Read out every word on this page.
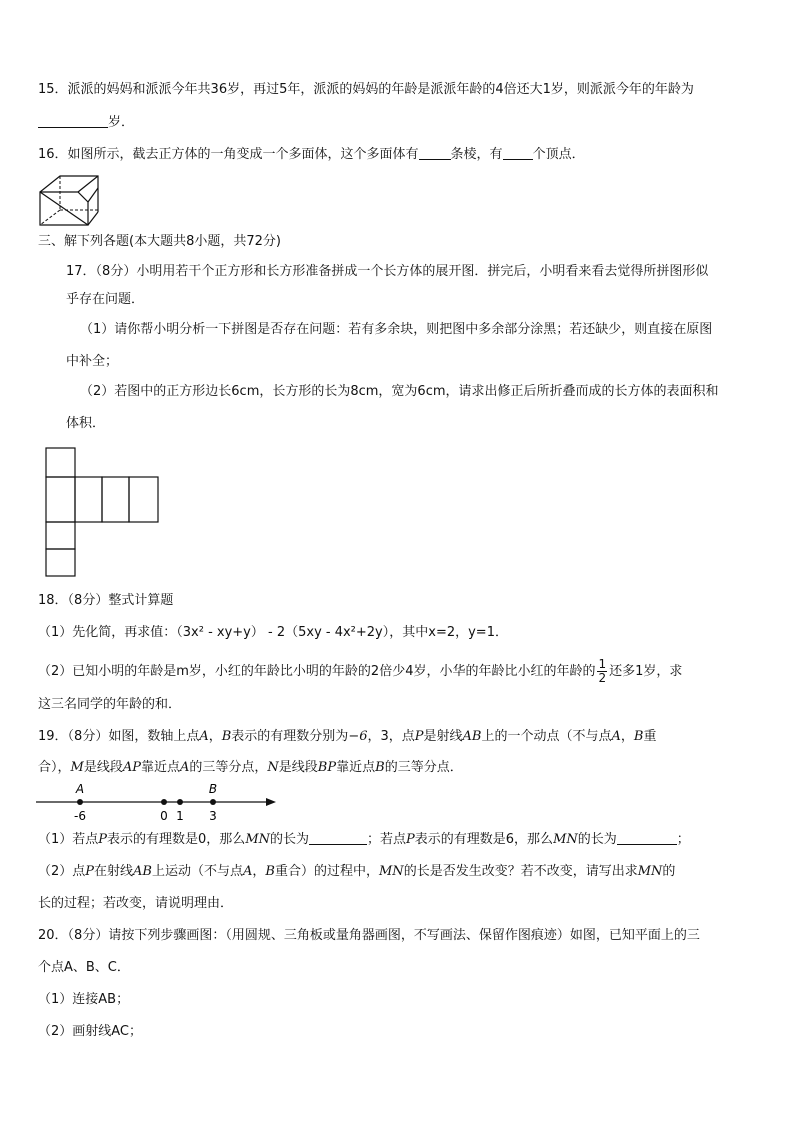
15．派派的妈妈和派派今年共36岁，再过5年，派派的妈妈的年龄是派派年龄的4倍还大1岁，则派派今年的年龄为
岁．
16．如图所示，截去正方体的一角变成一个多面体，这个多面体有 条棱，有 个顶点．
三、解下列各题(本大题共8小题，共72分)
17．（8分）小明用若干个正方形和长方形准备拼成一个长方体的展开图．拼完后，小明看来看去觉得所拼图形似
乎存在问题．
（1）请你帮小明分析一下拼图是否存在问题：若有多余块，则把图中多余部分涂黑；若还缺少，则直接在原图
中补全；
（2）若图中的正方形边长6cm，长方形的长为8cm，宽为6cm，请求出修正后所折叠而成的长方体的表面积和
体积．
18．（8分）整式计算题
（1）先化简，再求值：（3x² - xy+y） - 2（5xy - 4x²+2y），其中x=2，y=1．
（2）已知小明的年龄是m岁，小红的年龄比小明的年龄的2倍少4岁，小华的年龄比小红的年龄的 $\frac{1}{2}$ 还多1岁，求
这三名同学的年龄的和．
19．（8分）如图，数轴上点A，B表示的有理数分别为−6，3，点P是射线AB上的一个动点（不与点A，B重
合），M是线段AP靠近点A的三等分点，N是线段BP靠近点B的三等分点．
A	B
-6	0 1 3
（1）若点P表示的有理数是0，那么MN的长为	；若点P表示的有理数是6，那么MN的长为	；
（2）点P在射线AB上运动（不与点A，B重合）的过程中，MN的长是否发生改变？若不改变，请写出求MN的
长的过程；若改变，请说明理由．
20．（8分）请按下列步骤画图：（用圆规、三角板或量角器画图，不写画法、保留作图痕迹）如图，已知平面上的三
个点A、B、C．
（1）连接AB；
（2）画射线AC；
